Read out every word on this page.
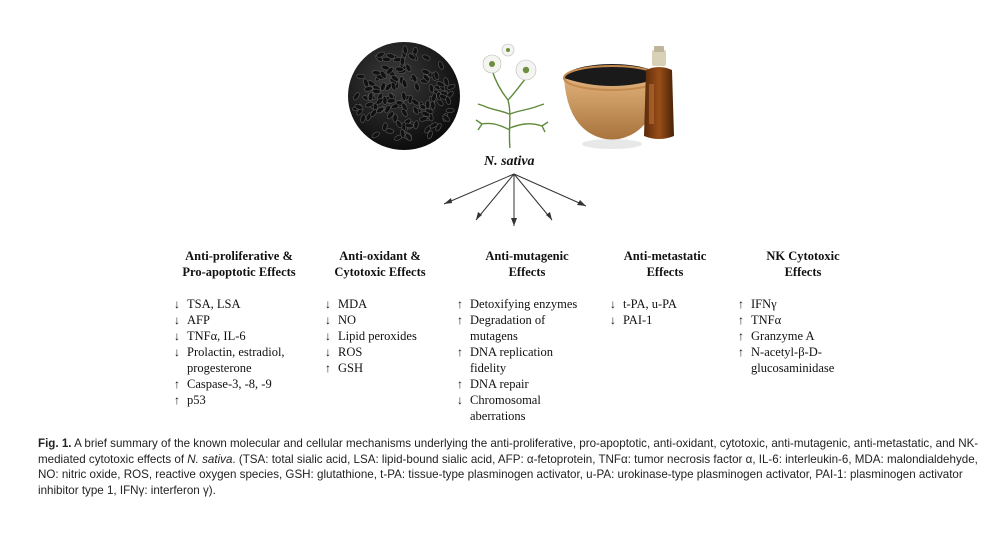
N. sativa
Anti-proliferative &
Pro-apoptotic Effects
↓ TSA, LSA
↓ AFP
↓ TNFα, IL-6
↓ Prolactin, estradiol,
progesterone
↑ Caspase-3, -8, -9
↑ p53
Anti-oxidant &
Cytotoxic Effects
↓ MDA
↓ NO
↓ Lipid peroxides
↓ ROS
↑ GSH
Anti-mutagenic
Effects
↑ Detoxifying enzymes
↑ Degradation of
mutagens
↑ DNA replication
fidelity
↑ DNA repair
↓ Chromosomal
aberrations
Anti-metastatic
Effects
↓ t-PA, u-PA
↓ PAI-1
NK Cytotoxic
Effects
↑ IFNγ
↑ TNFα
↑ Granzyme A
↑ N-acetyl-β-D-
glucosaminidase
Fig. 1. A brief summary of the known molecular and cellular mechanisms underlying the anti-proliferative, pro-apoptotic, anti-oxidant, cytotoxic, anti-mutagenic, anti-metastatic, and NK-mediated cytotoxic effects of N. sativa. (TSA: total sialic acid, LSA: lipid-bound sialic acid, AFP: α-fetoprotein, TNFα: tumor necrosis factor α, IL-6: interleukin-6, MDA: malondialdehyde, NO: nitric oxide, ROS, reactive oxygen species, GSH: glutathione, t-PA: tissue-type plasminogen activator, u-PA: urokinase-type plasminogen activator, PAI-1: plasminogen activator inhibitor type 1, IFNγ: interferon γ).
